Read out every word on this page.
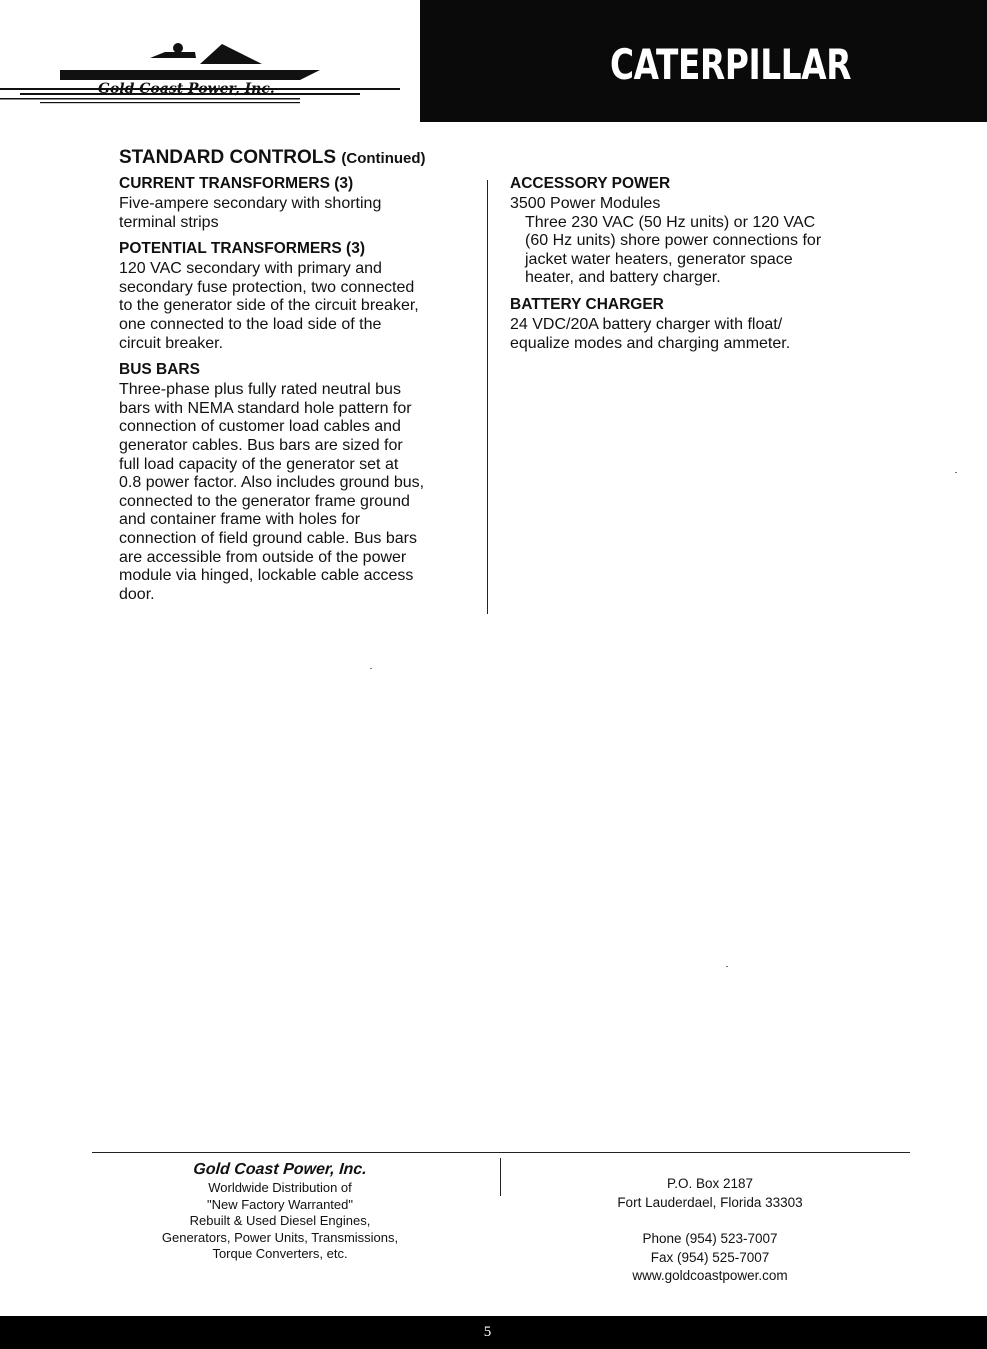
Gold Coast Power, Inc.	CATERPILLAR
STANDARD CONTROLS (Continued)

CURRENT TRANSFORMERS (3)

Five-ampere secondary with shorting
terminal strips

POTENTIAL TRANSFORMERS (3)

120 VAC secondary with primary and
secondary fuse protection, two connected
to the generator side of the circuit breaker,
one connected to the load side of the
circuit breaker.

BUS BARS

Three-phase plus fully rated neutral bus
bars with NEMA standard hole pattern for
connection of customer load cables and
generator cables. Bus bars are sized for
full load capacity of the generator set at
0.8 power factor. Also includes ground bus,
connected to the generator frame ground
and container frame with holes for
connection of field ground cable. Bus bars
are accessible from outside of the power
module via hinged, lockable cable access
door.

ACCESSORY POWER

3500 Power Modules

Three 230 VAC (50 Hz units) or 120 VAC
(60 Hz units) shore power connections for
jacket water heaters, generator space
heater, and battery charger.

BATTERY CHARGER

24 VDC/20A battery charger with float/
equalize modes and charging ammeter.

Gold Coast Power, Inc.
Worldwide Distribution of
"New Factory Warranted"
Rebuilt & Used Diesel Engines,
Generators, Power Units, Transmissions,
Torque Converters, etc.
P.O. Box 2187
Fort Lauderdael, Florida 33303
Phone (954) 523-7007
Fax (954) 525-7007
www.goldcoastpower.com
5
